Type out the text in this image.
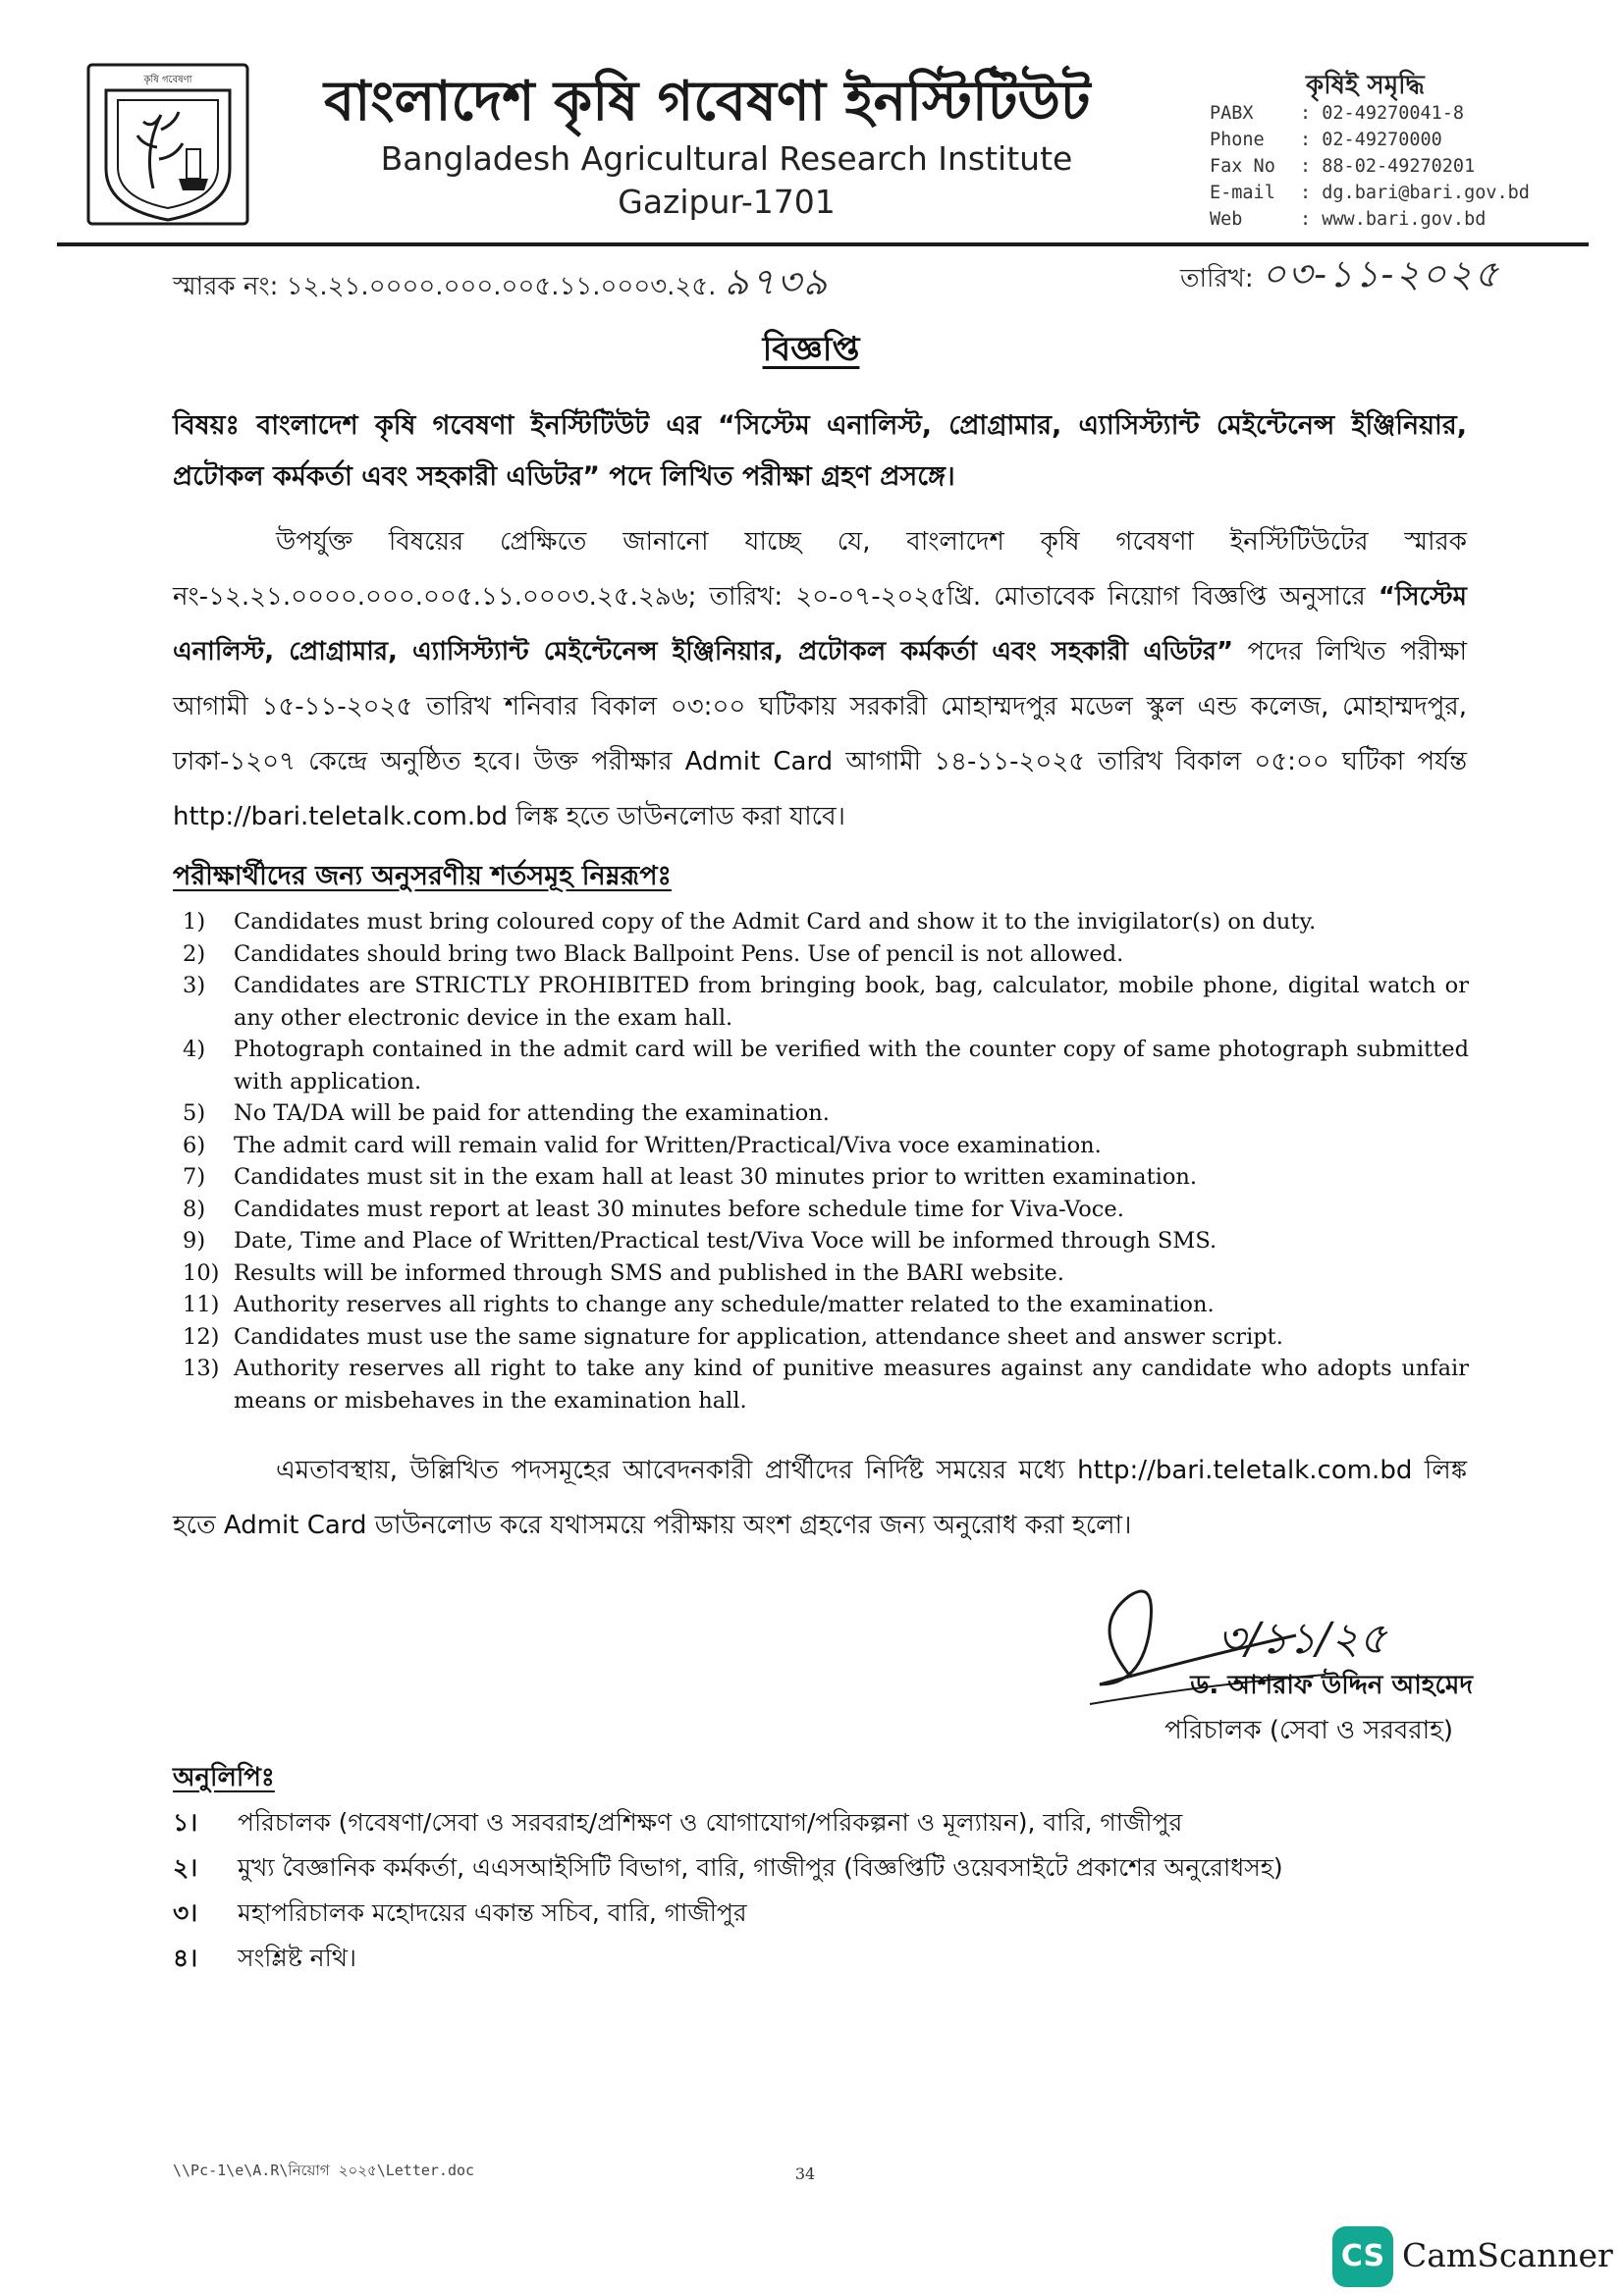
কৃষি গবেষণা বাংলাদেশ কৃষি গবেষণা ইনস্টিটিউট
Bangladesh Agricultural Research Institute
Gazipur-1701
কৃষিই সমৃদ্ধি
PABX	: 02-49270041-8
Phone	: 02-49270000
Fax No	: 88-02-49270201
E-mail	: dg.bari@bari.gov.bd
Web	: www.bari.gov.bd
স্মারক নং: ১২.২১.০০০০.০০০.০০৫.১১.০০০৩.২৫. ৯৭৩৯	তারিখ: ০৩-১১-২০২৫
বিজ্ঞপ্তি
বিষয়ঃ বাংলাদেশ কৃষি গবেষণা ইনস্টিটিউট এর “সিস্টেম এনালিস্ট, প্রোগ্রামার, এ্যাসিস্ট্যান্ট মেইন্টেনেন্স ইঞ্জিনিয়ার, প্রটোকল কর্মকর্তা এবং সহকারী এডিটর” পদে লিখিত পরীক্ষা গ্রহণ প্রসঙ্গে।
উপর্যুক্ত বিষয়ের প্রেক্ষিতে জানানো যাচ্ছে যে, বাংলাদেশ কৃষি গবেষণা ইনস্টিটিউটের স্মারক নং-১২.২১.০০০০.০০০.০০৫.১১.০০০৩.২৫.২৯৬; তারিখ: ২০-০৭-২০২৫খ্রি. মোতাবেক নিয়োগ বিজ্ঞপ্তি অনুসারে “সিস্টেম এনালিস্ট, প্রোগ্রামার, এ্যাসিস্ট্যান্ট মেইন্টেনেন্স ইঞ্জিনিয়ার, প্রটোকল কর্মকর্তা এবং সহকারী এডিটর” পদের লিখিত পরীক্ষা আগামী ১৫-১১-২০২৫ তারিখ শনিবার বিকাল ০৩:০০ ঘটিকায় সরকারী মোহাম্মদপুর মডেল স্কুল এন্ড কলেজ, মোহাম্মদপুর, ঢাকা-১২০৭ কেন্দ্রে অনুষ্ঠিত হবে। উক্ত পরীক্ষার Admit Card আগামী ১৪-১১-২০২৫ তারিখ বিকাল ০৫:০০ ঘটিকা পর্যন্ত http://bari.teletalk.com.bd লিঙ্ক হতে ডাউনলোড করা যাবে।
পরীক্ষার্থীদের জন্য অনুসরণীয় শর্তসমূহ নিম্নরূপঃ
1)	Candidates must bring coloured copy of the Admit Card and show it to the invigilator(s) on duty.
2)	Candidates should bring two Black Ballpoint Pens. Use of pencil is not allowed.
3)	Candidates are STRICTLY PROHIBITED from bringing book, bag, calculator, mobile phone, digital watch or any other electronic device in the exam hall.
4)	Photograph contained in the admit card will be verified with the counter copy of same photograph submitted with application.
5)	No TA/DA will be paid for attending the examination.
6)	The admit card will remain valid for Written/Practical/Viva voce examination.
7)	Candidates must sit in the exam hall at least 30 minutes prior to written examination.
8)	Candidates must report at least 30 minutes before schedule time for Viva-Voce.
9)	Date, Time and Place of Written/Practical test/Viva Voce will be informed through SMS.
10) Results will be informed through SMS and published in the BARI website.
11) Authority reserves all rights to change any schedule/matter related to the examination.
12) Candidates must use the same signature for application, attendance sheet and answer script.
13) Authority reserves all right to take any kind of punitive measures against any candidate who adopts unfair means or misbehaves in the examination hall.
এমতাবস্থায়, উল্লিখিত পদসমূহের আবেদনকারী প্রার্থীদের নির্দিষ্ট সময়ের মধ্যে http://bari.teletalk.com.bd লিঙ্ক হতে Admit Card ডাউনলোড করে যথাসময়ে পরীক্ষায় অংশ গ্রহণের জন্য অনুরোধ করা হলো।
৩/১১/২৫
ড. আশরাফ উদ্দিন আহমেদ
পরিচালক (সেবা ও সরবরাহ)
অনুলিপিঃ
১।	পরিচালক (গবেষণা/সেবা ও সরবরাহ/প্রশিক্ষণ ও যোগাযোগ/পরিকল্পনা ও মূল্যায়ন), বারি, গাজীপুর
২।	মুখ্য বৈজ্ঞানিক কর্মকর্তা, এএসআইসিটি বিভাগ, বারি, গাজীপুর (বিজ্ঞপ্তিটি ওয়েবসাইটে প্রকাশের অনুরোধসহ)
৩।	মহাপরিচালক মহোদয়ের একান্ত সচিব, বারি, গাজীপুর
৪।	সংশ্লিষ্ট নথি।
\\Pc-1\e\A.R\নিয়োগ ২০২৫\Letter.doc	34
CS CamScanner
